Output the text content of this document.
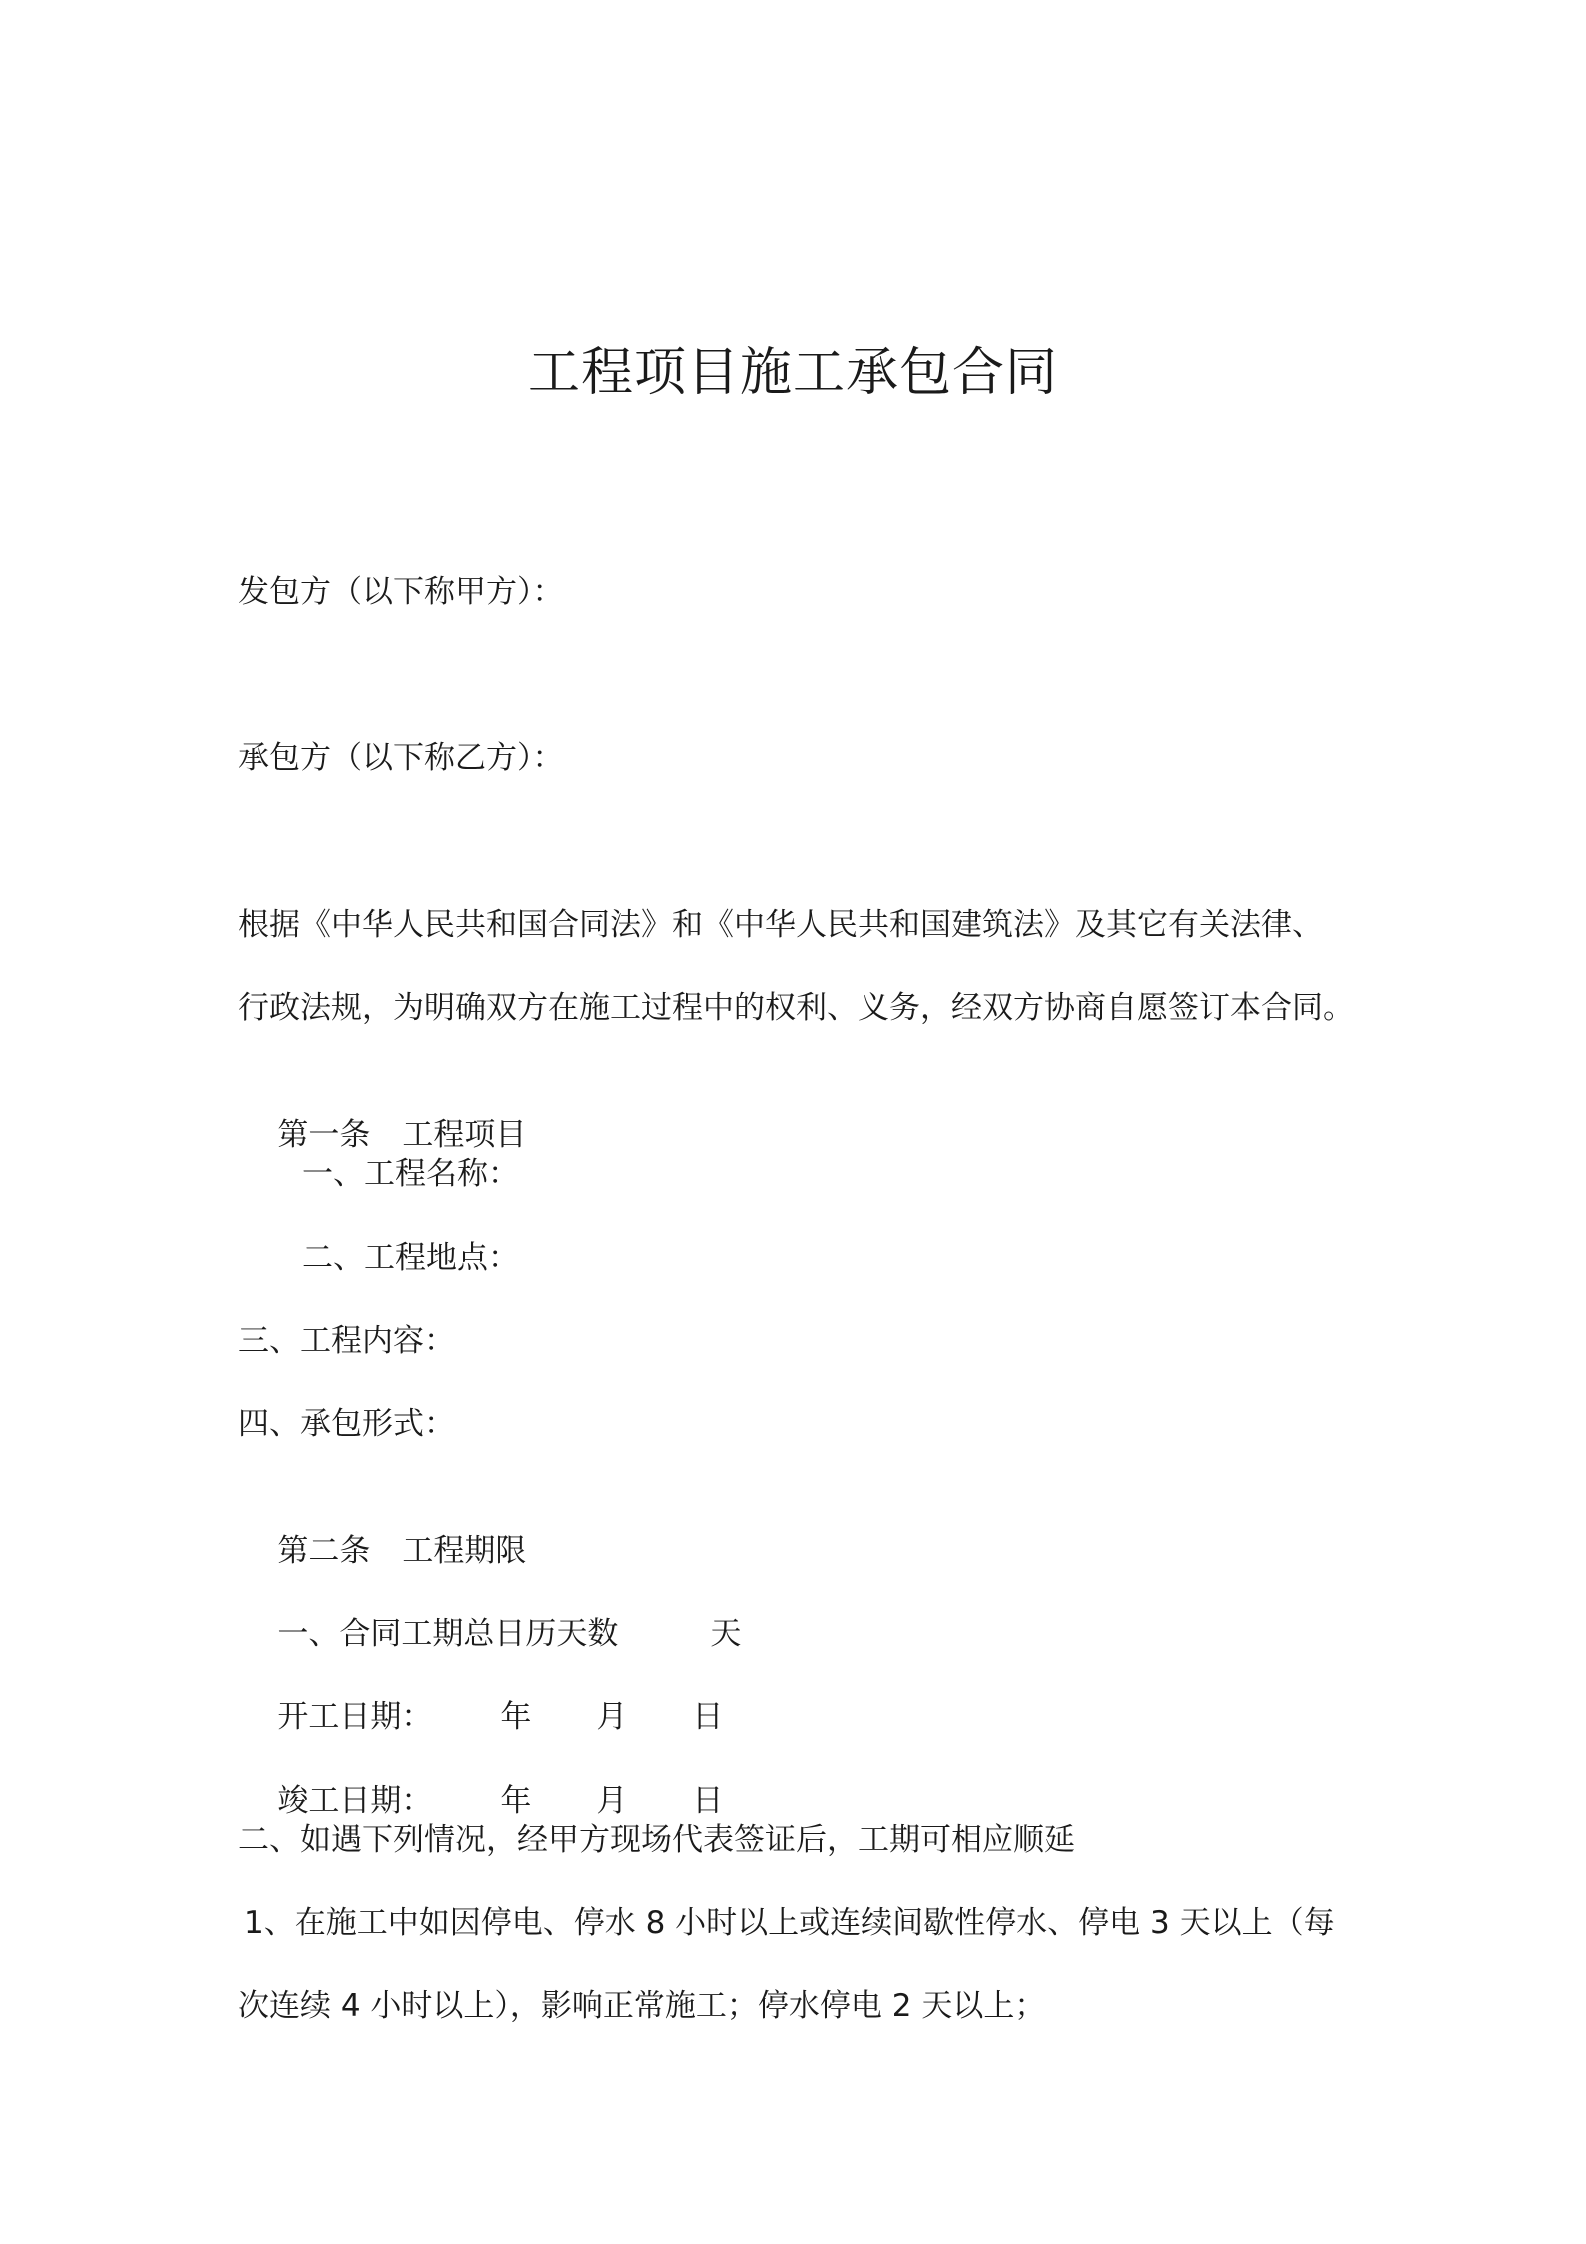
工程项目施工承包合同
发包方（以下称甲方）：
承包方（以下称乙方）：
根据《中华人民共和国合同法》和《中华人民共和国建筑法》及其它有关法律、
行政法规，为明确双方在施工过程中的权利、义务，经双方协商自愿签订本合同。

第一条 工程项目

一、工程名称：
二、工程地点：
三、工程内容：
四、承包形式：

第二条 工程期限

一、合同工期总日历天数	天

开工日期： 年 月 日

竣工日期： 年 月 日

二、如遇下列情况，经甲方现场代表签证后，工期可相应顺延
1、在施工中如因停电、停水 8 小时以上或连续间歇性停水、停电 3 天以上（每
次连续 4 小时以上），影响正常施工；停水停电 2 天以上；
